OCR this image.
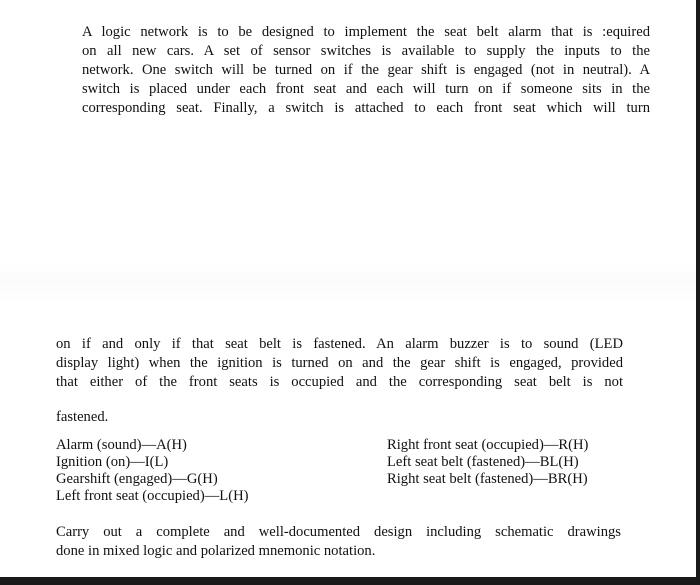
A logic network is to be designed to implement the seat belt alarm that is :equired
on all new cars. A set of sensor switches is available to supply the inputs to the
network. One switch will be turned on if the gear shift is engaged (not in neutral). A
switch is placed under each front seat and each will turn on if someone sits in the
corresponding seat. Finally, a switch is attached to each front seat which will turn

on if and only if that seat belt is fastened. An alarm buzzer is to sound (LED
display light) when the ignition is turned on and the gear shift is engaged, provided
that either of the front seats is occupied and the corresponding seat belt is not

fastened.

Alarm (sound)—A(H)
Ignition (on)—I(L)
Gearshift (engaged)—G(H)
Left front seat (occupied)—L(H)
Right front seat (occupied)—R(H)
Left seat belt (fastened)—BL(H)
Right seat belt (fastened)—BR(H)

Carry out a complete and well-documented design including schematic drawings
done in mixed logic and polarized mnemonic notation.
